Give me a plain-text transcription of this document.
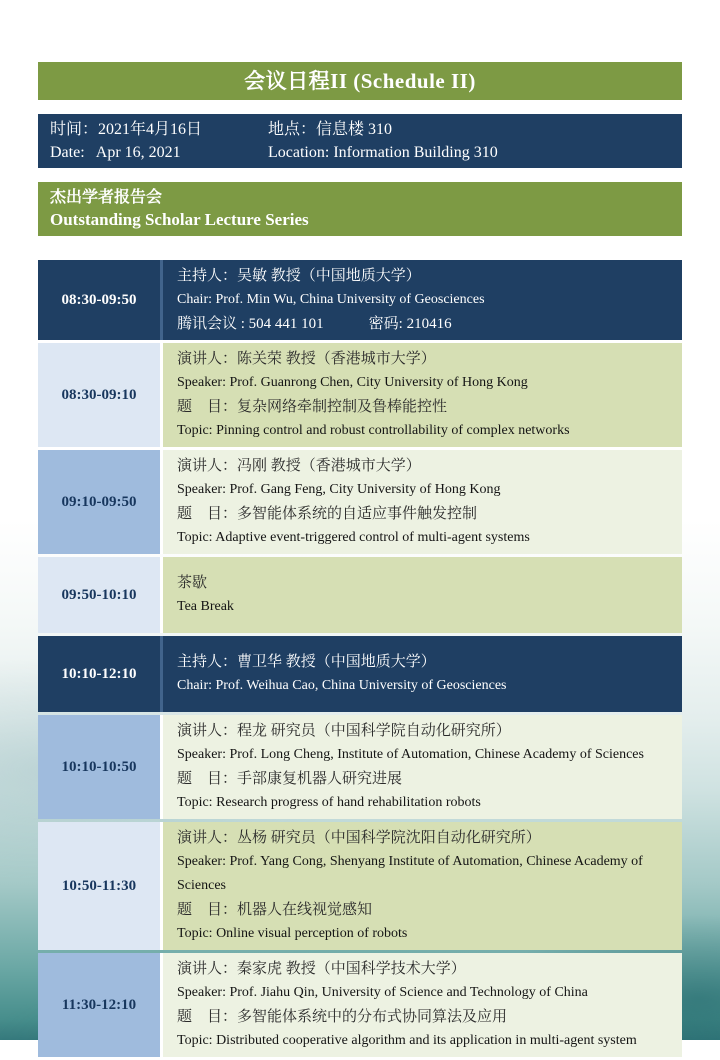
会议日程II (Schedule II)
时间：2021年4月16日	地点：信息楼 310
Date:   Apr 16, 2021	Location: Information Building 310
杰出学者报告会
Outstanding Scholar Lecture Series
08:30-09:50
主持人：吴敏 教授（中国地质大学）
Chair: Prof. Min Wu, China University of Geosciences
腾讯会议 : 504 441 101　　　密码: 210416
08:30-09:10
演讲人：陈关荣 教授（香港城市大学）
Speaker: Prof. Guanrong Chen, City University of Hong Kong
题　目：复杂网络牵制控制及鲁棒能控性
Topic: Pinning control and robust controllability of complex networks
09:10-09:50
演讲人：冯刚 教授（香港城市大学）
Speaker: Prof. Gang Feng, City University of Hong Kong
题　目：多智能体系统的自适应事件触发控制
Topic: Adaptive event-triggered control of multi-agent systems
09:50-10:10
茶歇
Tea Break
10:10-12:10
主持人：曹卫华 教授（中国地质大学）
Chair: Prof. Weihua Cao, China University of Geosciences
10:10-10:50
演讲人：程龙 研究员（中国科学院自动化研究所）
Speaker: Prof. Long Cheng, Institute of Automation, Chinese Academy of Sciences
题　目：手部康复机器人研究进展
Topic: Research progress of hand rehabilitation robots
10:50-11:30
演讲人：丛杨 研究员（中国科学院沈阳自动化研究所）
Speaker: Prof. Yang Cong, Shenyang Institute of Automation, Chinese Academy of Sciences
题　目：机器人在线视觉感知
Topic: Online visual perception of robots
11:30-12:10
演讲人：秦家虎 教授（中国科学技术大学）
Speaker: Prof. Jiahu Qin, University of Science and Technology of China
题　目：多智能体系统中的分布式协同算法及应用
Topic: Distributed cooperative algorithm and its application in multi-agent system
